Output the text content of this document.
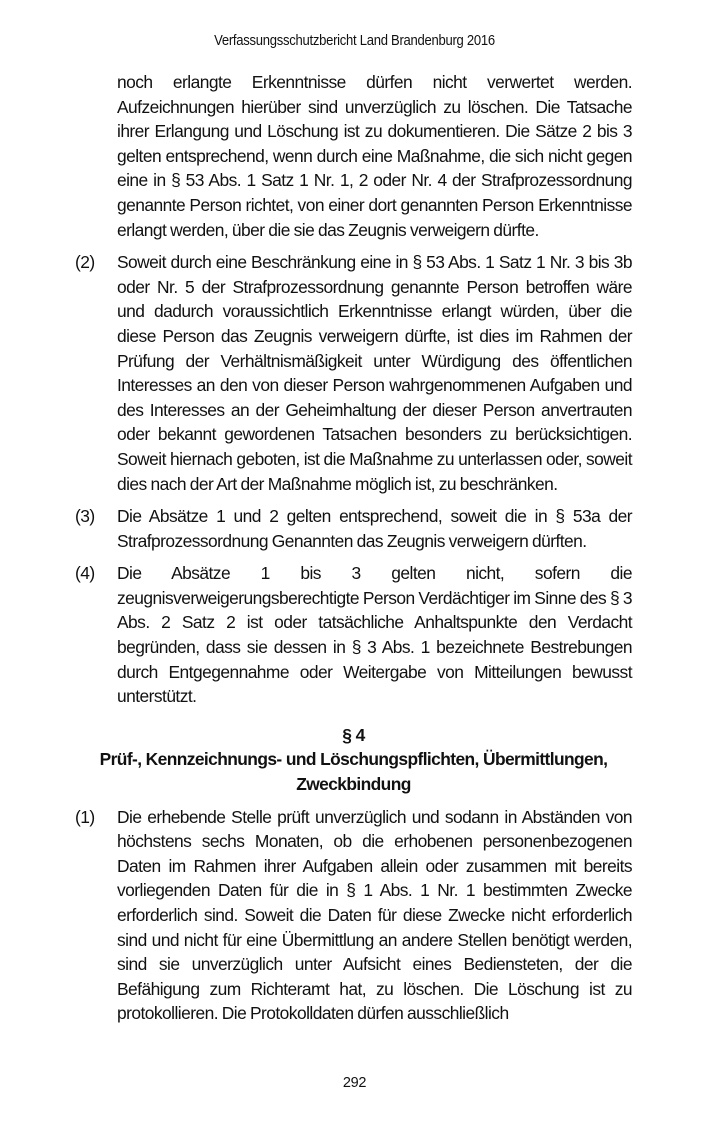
Verfassungsschutzbericht Land Brandenburg 2016
noch erlangte Erkenntnisse dürfen nicht verwertet werden. Aufzeichnungen hierüber sind unverzüglich zu löschen. Die Tatsache ihrer Erlangung und Löschung ist zu dokumentieren. Die Sätze 2 bis 3 gelten entsprechend, wenn durch eine Maßnahme, die sich nicht gegen eine in § 53 Abs. 1 Satz 1 Nr. 1, 2 oder Nr. 4 der Strafprozessordnung genannte Person richtet, von einer dort genannten Person Erkenntnisse erlangt werden, über die sie das Zeugnis verweigern dürfte.
(2) Soweit durch eine Beschränkung eine in § 53 Abs. 1 Satz 1 Nr. 3 bis 3b oder Nr. 5 der Strafprozessordnung genannte Person betroffen wäre und dadurch voraussichtlich Erkenntnisse erlangt würden, über die diese Person das Zeugnis verweigern dürfte, ist dies im Rahmen der Prüfung der Verhältnismäßigkeit unter Würdigung des öffentlichen Interesses an den von dieser Person wahrgenommenen Aufgaben und des Interesses an der Geheimhaltung der dieser Person anvertrauten oder bekannt gewordenen Tatsachen besonders zu berücksichtigen. Soweit hiernach geboten, ist die Maßnahme zu unterlassen oder, soweit dies nach der Art der Maßnahme möglich ist, zu beschränken.
(3) Die Absätze 1 und 2 gelten entsprechend, soweit die in § 53a der Strafprozessordnung Genannten das Zeugnis verweigern dürften.
(4) Die Absätze 1 bis 3 gelten nicht, sofern die zeugnisverweigerungsberechtigte Person Verdächtiger im Sinne des § 3 Abs. 2 Satz 2 ist oder tatsächliche Anhaltspunkte den Verdacht begründen, dass sie dessen in § 3 Abs. 1 bezeichnete Bestrebungen durch Entgegennahme oder Weitergabe von Mitteilungen bewusst unterstützt.
§ 4
Prüf-, Kennzeichnungs- und Löschungspflichten, Übermittlungen,
Zweckbindung
(1) Die erhebende Stelle prüft unverzüglich und sodann in Abständen von höchstens sechs Monaten, ob die erhobenen personenbezogenen Daten im Rahmen ihrer Aufgaben allein oder zusammen mit bereits vorliegenden Daten für die in § 1 Abs. 1 Nr. 1 bestimmten Zwecke erforderlich sind. Soweit die Daten für diese Zwecke nicht erforderlich sind und nicht für eine Übermittlung an andere Stellen benötigt werden, sind sie unverzüglich unter Aufsicht eines Bediensteten, der die Befähigung zum Richteramt hat, zu löschen. Die Löschung ist zu protokollieren. Die Protokolldaten dürfen ausschließlich
292
